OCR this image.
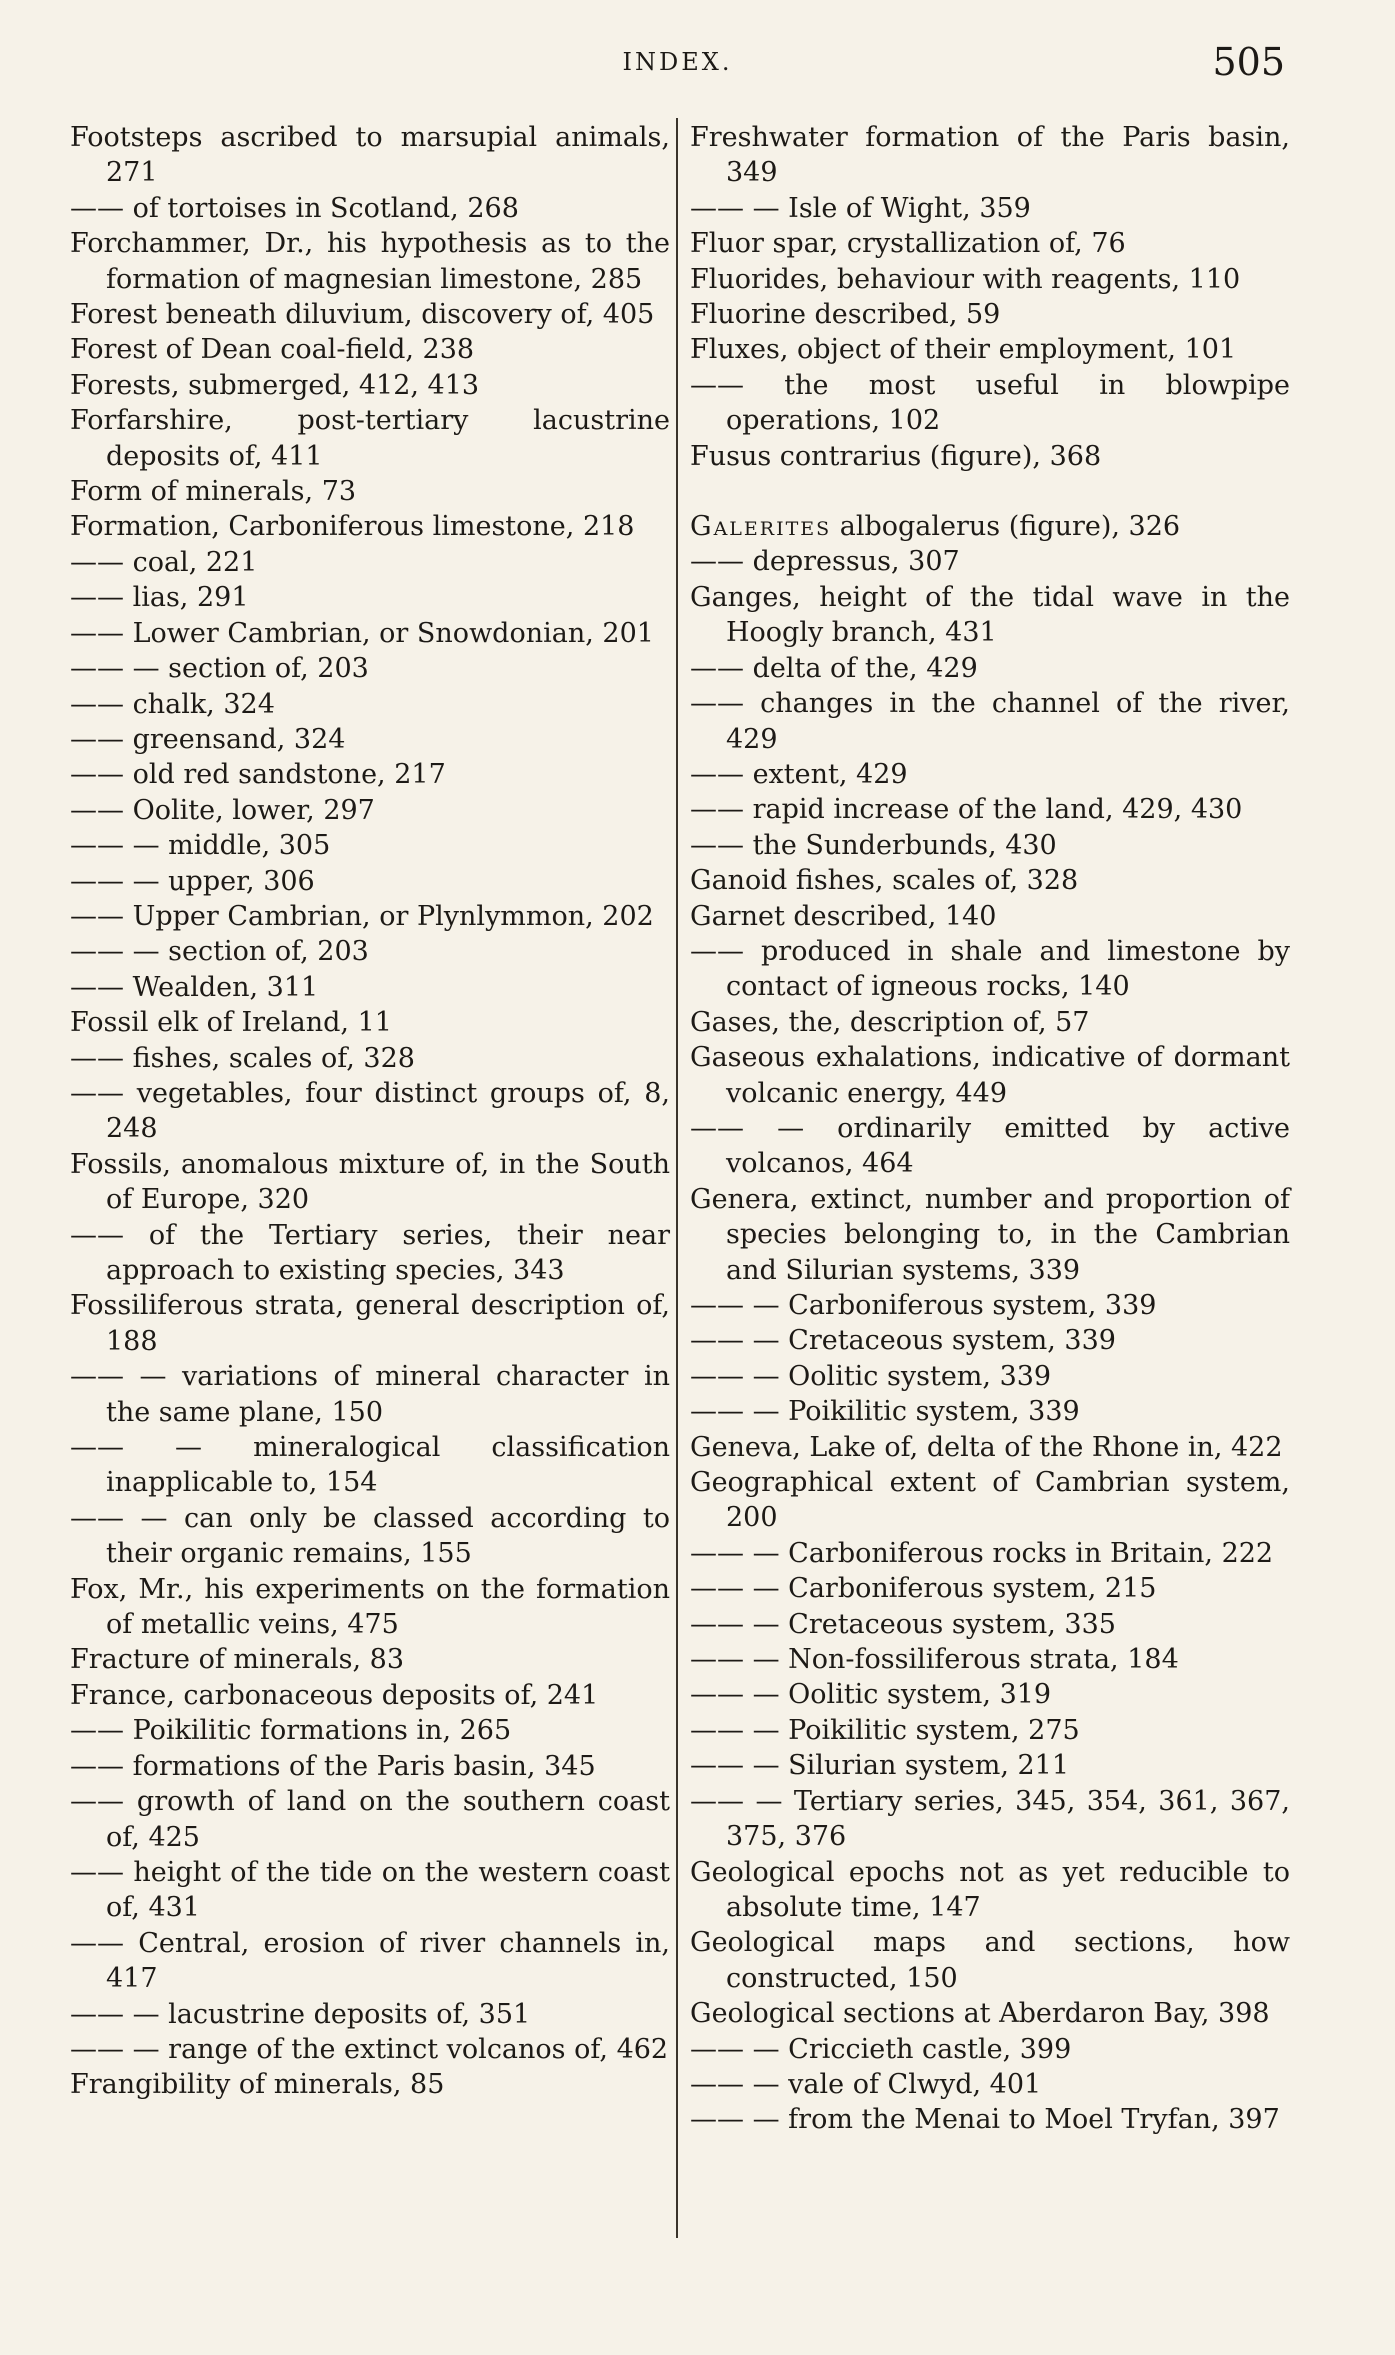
INDEX.	505

Footsteps ascribed to marsupial animals, 271

—— of tortoises in Scotland, 268

Forchammer, Dr., his hypothesis as to the formation of magnesian limestone, 285

Forest beneath diluvium, discovery of, 405

Forest of Dean coal-field, 238

Forests, submerged, 412, 413

Forfarshire, post-tertiary lacustrine deposits of, 411

Form of minerals, 73

Formation, Carboniferous limestone, 218

—— coal, 221

—— lias, 291

—— Lower Cambrian, or Snowdonian, 201

—— — section of, 203

—— chalk, 324

—— greensand, 324

—— old red sandstone, 217

—— Oolite, lower, 297

—— — middle, 305

—— — upper, 306

—— Upper Cambrian, or Plynlymmon, 202

—— — section of, 203

—— Wealden, 311

Fossil elk of Ireland, 11

—— fishes, scales of, 328

—— vegetables, four distinct groups of, 8, 248

Fossils, anomalous mixture of, in the South of Europe, 320

—— of the Tertiary series, their near approach to existing species, 343

Fossiliferous strata, general description of, 188

—— — variations of mineral character in the same plane, 150

—— — mineralogical classification inapplicable to, 154

—— — can only be classed according to their organic remains, 155

Fox, Mr., his experiments on the formation of metallic veins, 475

Fracture of minerals, 83

France, carbonaceous deposits of, 241

—— Poikilitic formations in, 265

—— formations of the Paris basin, 345

—— growth of land on the southern coast of, 425

—— height of the tide on the western coast of, 431

—— Central, erosion of river channels in, 417

—— — lacustrine deposits of, 351

—— — range of the extinct volcanos of, 462

Frangibility of minerals, 85

Freshwater formation of the Paris basin, 349

—— — Isle of Wight, 359

Fluor spar, crystallization of, 76

Fluorides, behaviour with reagents, 110

Fluorine described, 59

Fluxes, object of their employment, 101

—— the most useful in blowpipe operations, 102

Fusus contrarius (figure), 368

Galerites albogalerus (figure), 326

—— depressus, 307

Ganges, height of the tidal wave in the Hoogly branch, 431

—— delta of the, 429

—— changes in the channel of the river, 429

—— extent, 429

—— rapid increase of the land, 429, 430

—— the Sunderbunds, 430

Ganoid fishes, scales of, 328

Garnet described, 140

—— produced in shale and limestone by contact of igneous rocks, 140

Gases, the, description of, 57

Gaseous exhalations, indicative of dormant volcanic energy, 449

—— — ordinarily emitted by active volcanos, 464

Genera, extinct, number and proportion of species belonging to, in the Cambrian and Silurian systems, 339

—— — Carboniferous system, 339

—— — Cretaceous system, 339

—— — Oolitic system, 339

—— — Poikilitic system, 339

Geneva, Lake of, delta of the Rhone in, 422

Geographical extent of Cambrian system, 200

—— — Carboniferous rocks in Britain, 222

—— — Carboniferous system, 215

—— — Cretaceous system, 335

—— — Non-fossiliferous strata, 184

—— — Oolitic system, 319

—— — Poikilitic system, 275

—— — Silurian system, 211

—— — Tertiary series, 345, 354, 361, 367, 375, 376

Geological epochs not as yet reducible to absolute time, 147

Geological maps and sections, how constructed, 150

Geological sections at Aberdaron Bay, 398

—— — Criccieth castle, 399

—— — vale of Clwyd, 401

—— — from the Menai to Moel Tryfan, 397
